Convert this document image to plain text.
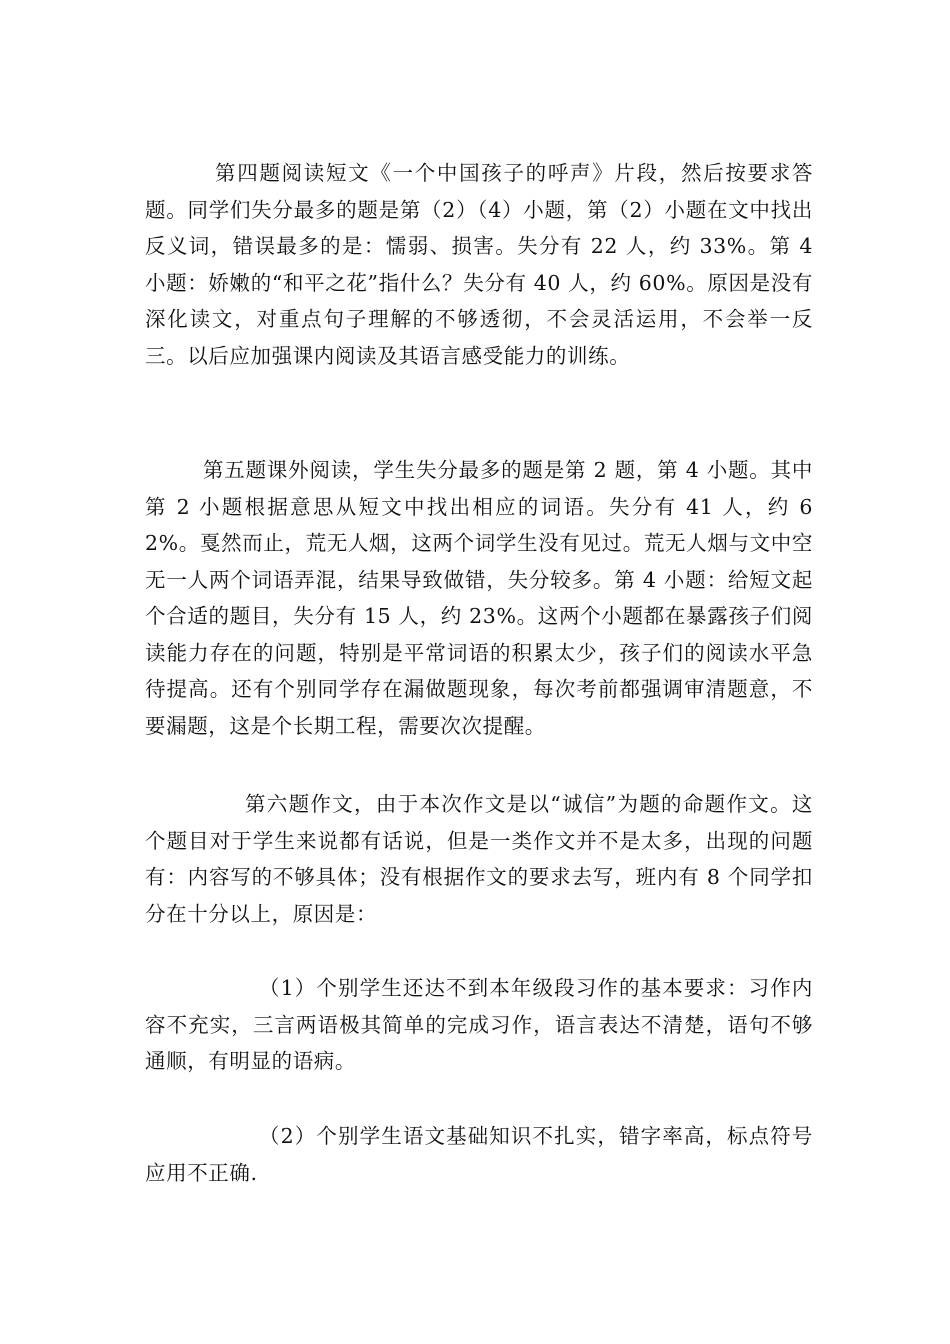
第四题阅读短文《一个中国孩子的呼声》片段，然后按要求答题。同学们失分最多的题是第（2）（4）小题，第（2）小题在文中找出反义词，错误最多的是：懦弱、损害。失分有 22 人，约 33%。第 4 小题：娇嫩的“和平之花”指什么？失分有 40 人，约 60%。原因是没有深化读文，对重点句子理解的不够透彻，不会灵活运用，不会举一反三。以后应加强课内阅读及其语言感受能力的训练。

第五题课外阅读，学生失分最多的题是第 2 题，第 4 小题。其中第 2 小题根据意思从短文中找出相应的词语。失分有 41 人，约 62%。戛然而止，荒无人烟，这两个词学生没有见过。荒无人烟与文中空无一人两个词语弄混，结果导致做错，失分较多。第 4 小题：给短文起个合适的题目，失分有 15 人，约 23%。这两个小题都在暴露孩子们阅读能力存在的问题，特别是平常词语的积累太少，孩子们的阅读水平急待提高。还有个别同学存在漏做题现象，每次考前都强调审清题意，不要漏题，这是个长期工程，需要次次提醒。

第六题作文，由于本次作文是以“诚信”为题的命题作文。这个题目对于学生来说都有话说，但是一类作文并不是太多，出现的问题有：内容写的不够具体；没有根据作文的要求去写，班内有 8 个同学扣分在十分以上，原因是：

（1）个别学生还达不到本年级段习作的基本要求：习作内容不充实，三言两语极其简单的完成习作，语言表达不清楚，语句不够通顺，有明显的语病。

（2）个别学生语文基础知识不扎实，错字率高，标点符号应用不正确.
